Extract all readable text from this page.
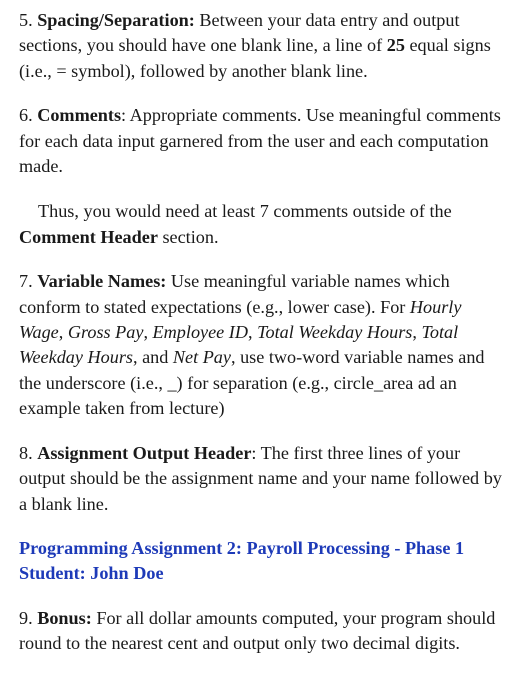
5. Spacing/Separation: Between your data entry and output sections, you should have one blank line, a line of 25 equal signs (i.e., = symbol), followed by another blank line.

6. Comments: Appropriate comments. Use meaningful comments for each data input garnered from the user and each computation made.

Thus, you would need at least 7 comments outside of the Comment Header section.

7. Variable Names: Use meaningful variable names which conform to stated expectations (e.g., lower case). For Hourly Wage, Gross Pay, Employee ID, Total Weekday Hours, Total Weekday Hours, and Net Pay, use two-word variable names and the underscore (i.e., _) for separation (e.g., circle_area ad an example taken from lecture)

8. Assignment Output Header: The first three lines of your output should be the assignment name and your name followed by a blank line.

Programming Assignment 2: Payroll Processing - Phase 1
Student: John Doe

9. Bonus: For all dollar amounts computed, your program should round to the nearest cent and output only two decimal digits.
